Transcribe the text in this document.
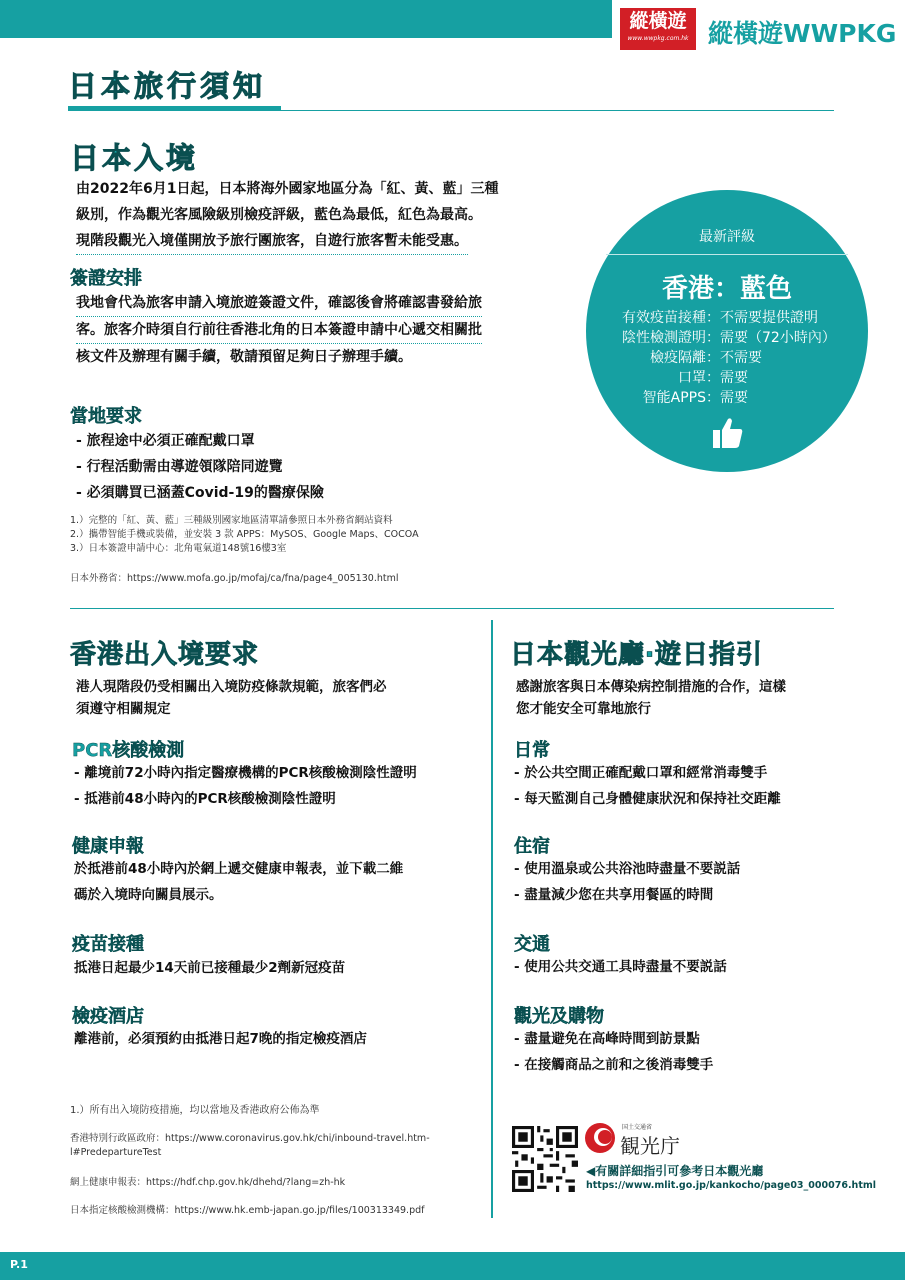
縱橫遊
www.wwpkg.com.hk 縱橫遊WWPKG
日本旅行須知
日本入境
由2022年6月1日起，日本將海外國家地區分為「紅、黃、藍」三種
級別，作為觀光客風險級別檢疫評級，藍色為最低，紅色為最高。
現階段觀光入境僅開放予旅行團旅客，自遊行旅客暫未能受惠。
簽證安排
我地會代為旅客申請入境旅遊簽證文件，確認後會將確認書發給旅
客。旅客介時須自行前往香港北角的日本簽證申請中心遞交相關批

核文件及辦理有關手續，敬請預留足夠日子辦理手續。
當地要求
- 旅程途中必須正確配戴口罩
- 行程活動需由導遊領隊陪同遊覽
- 必須購買已涵蓋Covid-19的醫療保險
1.）完整的「紅、黃、藍」三種級別國家地區清單請參照日本外務省網站資料
2.）攜帶智能手機或裝備，並安裝 3 款 APPS：MySOS、Google Maps、COCOA
3.）日本簽證申請中心：北角電氣道148號16樓3室
日本外務省：https://www.mofa.go.jp/mofaj/ca/fna/page4_005130.html
最新評級
香港：藍色
有效疫苗接種 ：不需要提供證明
陰性檢測證明 ：需要（72小時內）
檢疫隔離 ：不需要
口罩 ：需要
智能APPS ：需要
香港出入境要求
港人現階段仍受相關出入境防疫條款規範，旅客們必
須遵守相關規定
PCR核酸檢測
- 離境前72小時內指定醫療機構的PCR核酸檢測陰性證明
- 抵港前48小時內的PCR核酸檢測陰性證明
健康申報
於抵港前48小時內於網上遞交健康申報表，並下載二維
碼於入境時向關員展示。
疫苗接種
抵港日起最少14天前已接種最少2劑新冠疫苗
檢疫酒店
離港前，必須預約由抵港日起7晚的指定檢疫酒店
1.）所有出入境防疫措施，均以當地及香港政府公佈為準
香港特別行政區政府：https://www.coronavirus.gov.hk/chi/inbound-travel.htm-
l#PredepartureTest
網上健康申報表：https://hdf.chp.gov.hk/dhehd/?lang=zh-hk
日本指定核酸檢測機構：https://www.hk.emb-japan.go.jp/files/100313349.pdf
日本觀光廳‧遊日指引
感謝旅客與日本傳染病控制措施的合作，這樣
您才能安全可靠地旅行
日常
- 於公共空間正確配戴口罩和經常消毒雙手
- 每天監測自己身體健康狀況和保持社交距離
住宿
- 使用溫泉或公共浴池時盡量不要説話
- 盡量減少您在共享用餐區的時間
交通
- 使用公共交通工具時盡量不要説話
觀光及購物
- 盡量避免在高峰時間到訪景點
- 在接觸商品之前和之後消毒雙手
国土交通省
観光庁
◀有關詳細指引可參考日本觀光廳
https://www.mlit.go.jp/kankocho/page03_000076.html
P.1
